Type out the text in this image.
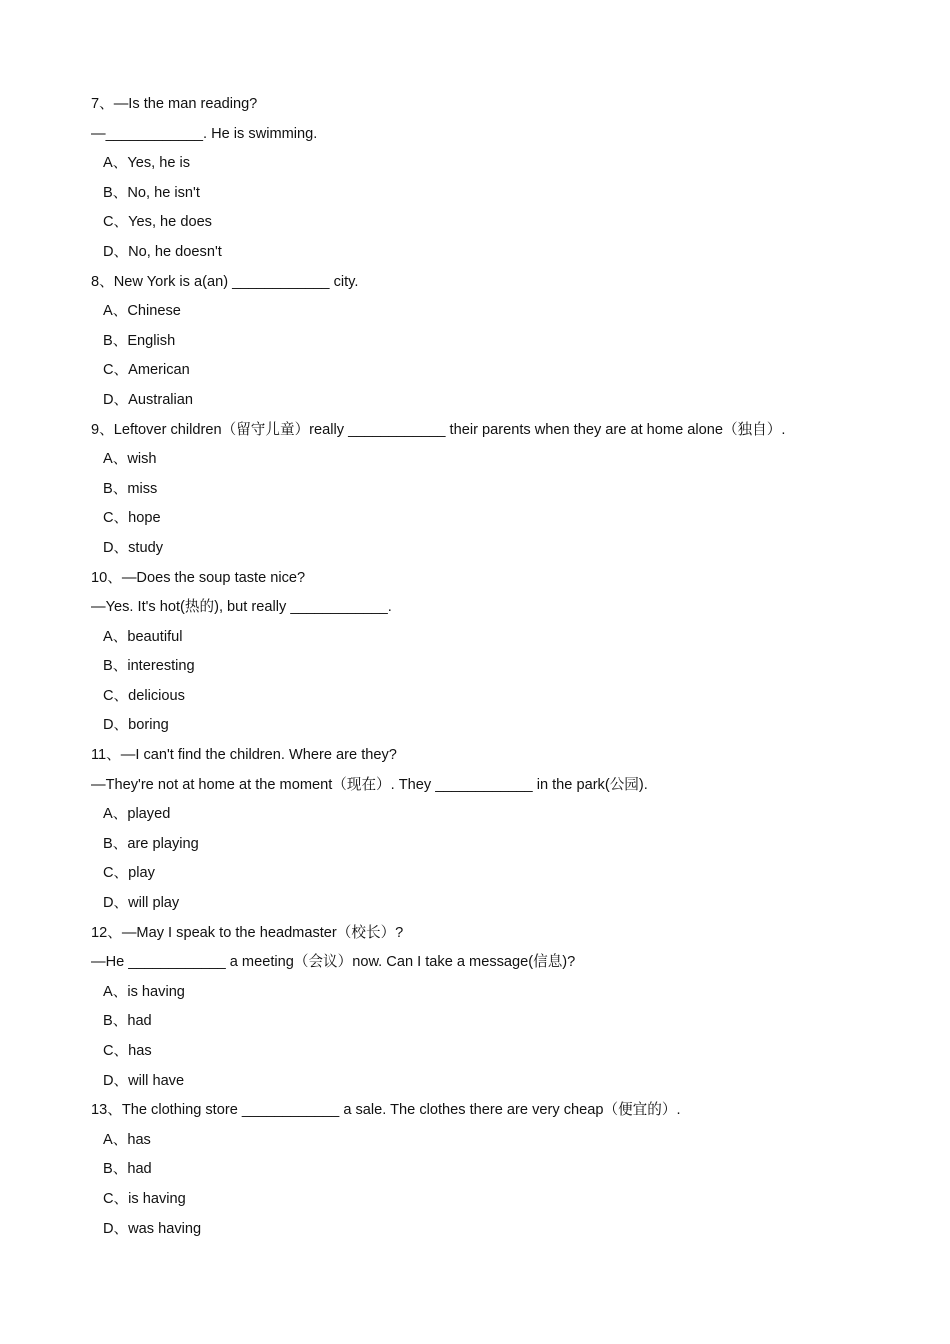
7、—Is the man reading?
—____________. He is swimming.
A、Yes, he is
B、No, he isn't
C、Yes, he does
D、No, he doesn't
8、New York is a(an) ____________ city.
A、Chinese
B、English
C、American
D、Australian
9、Leftover children（留守儿童）really ____________ their parents when they are at home alone（独自）.
A、wish
B、miss
C、hope
D、study
10、—Does the soup taste nice?
—Yes. It's hot(热的), but really ____________.
A、beautiful
B、interesting
C、delicious
D、boring
11、—I can't find the children. Where are they?
—They're not at home at the moment（现在）. They ____________ in the park(公园).
A、played
B、are playing
C、play
D、will play
12、—May I speak to the headmaster（校长）?
—He ____________ a meeting（会议）now. Can I take a message(信息)?
A、is having
B、had
C、has
D、will have
13、The clothing store ____________ a sale. The clothes there are very cheap（便宜的）.
A、has
B、had
C、is having
D、was having
